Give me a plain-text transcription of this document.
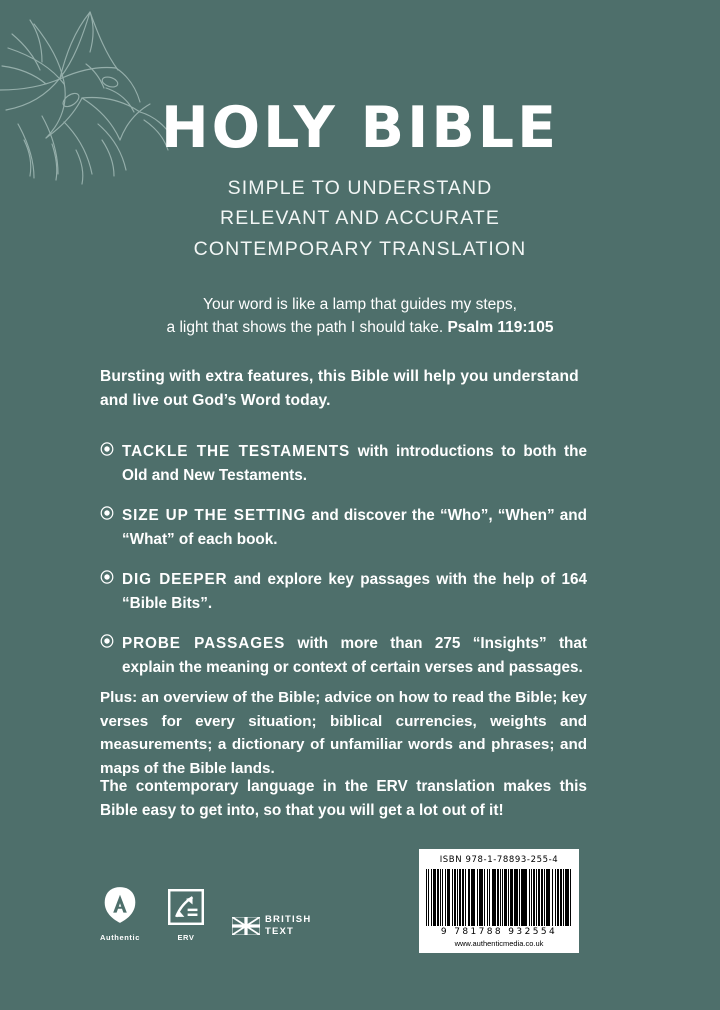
HOLY BIBLE
SIMPLE TO UNDERSTAND
RELEVANT AND ACCURATE
CONTEMPORARY TRANSLATION
Your word is like a lamp that guides my steps,
a light that shows the path I should take. Psalm 119:105
Bursting with extra features, this Bible will help you understand and live out God’s Word today.
TACKLE THE TESTAMENTS with introductions to both the Old and New Testaments.
SIZE UP THE SETTING and discover the “Who”, “When” and “What” of each book.
DIG DEEPER and explore key passages with the help of 164 “Bible Bits”.
PROBE PASSAGES with more than 275 “Insights” that explain the meaning or context of certain verses and passages.
Plus: an overview of the Bible; advice on how to read the Bible; key verses for every situation; biblical currencies, weights and measurements; a dictionary of unfamiliar words and phrases; and maps of the Bible lands.
The contemporary language in the ERV translation makes this Bible easy to get into, so that you will get a lot out of it!
Authentic	ERV
BRITISH
TEXT
ISBN 978-1-78893-255-4
9 781788 932554
www.authenticmedia.co.uk
